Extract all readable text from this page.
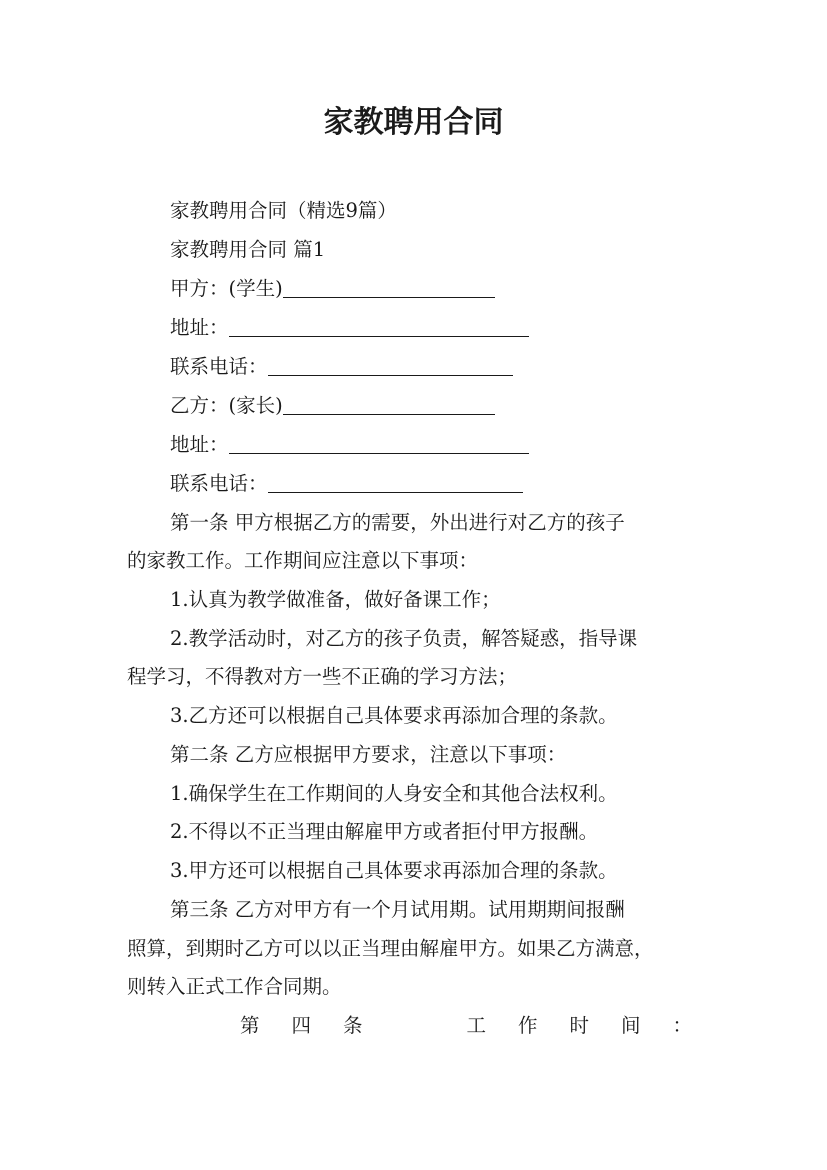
家教聘用合同
家教聘用合同（精选9篇）
家教聘用合同 篇1
甲方：(学生)
地址：
联系电话：
乙方：(家长)
地址：
联系电话：
第一条 甲方根据乙方的需要，外出进行对乙方的孩子
的家教工作。工作期间应注意以下事项：
1.认真为教学做准备，做好备课工作；
2.教学活动时，对乙方的孩子负责，解答疑惑，指导课
程学习，不得教对方一些不正确的学习方法；
3.乙方还可以根据自己具体要求再添加合理的条款。
第二条 乙方应根据甲方要求，注意以下事项：
1.确保学生在工作期间的人身安全和其他合法权利。
2.不得以不正当理由解雇甲方或者拒付甲方报酬。
3.甲方还可以根据自己具体要求再添加合理的条款。
第三条 乙方对甲方有一个月试用期。试用期期间报酬
照算，到期时乙方可以以正当理由解雇甲方。如果乙方满意，
则转入正式工作合同期。
第 四 条	工 作 时 间 ：
